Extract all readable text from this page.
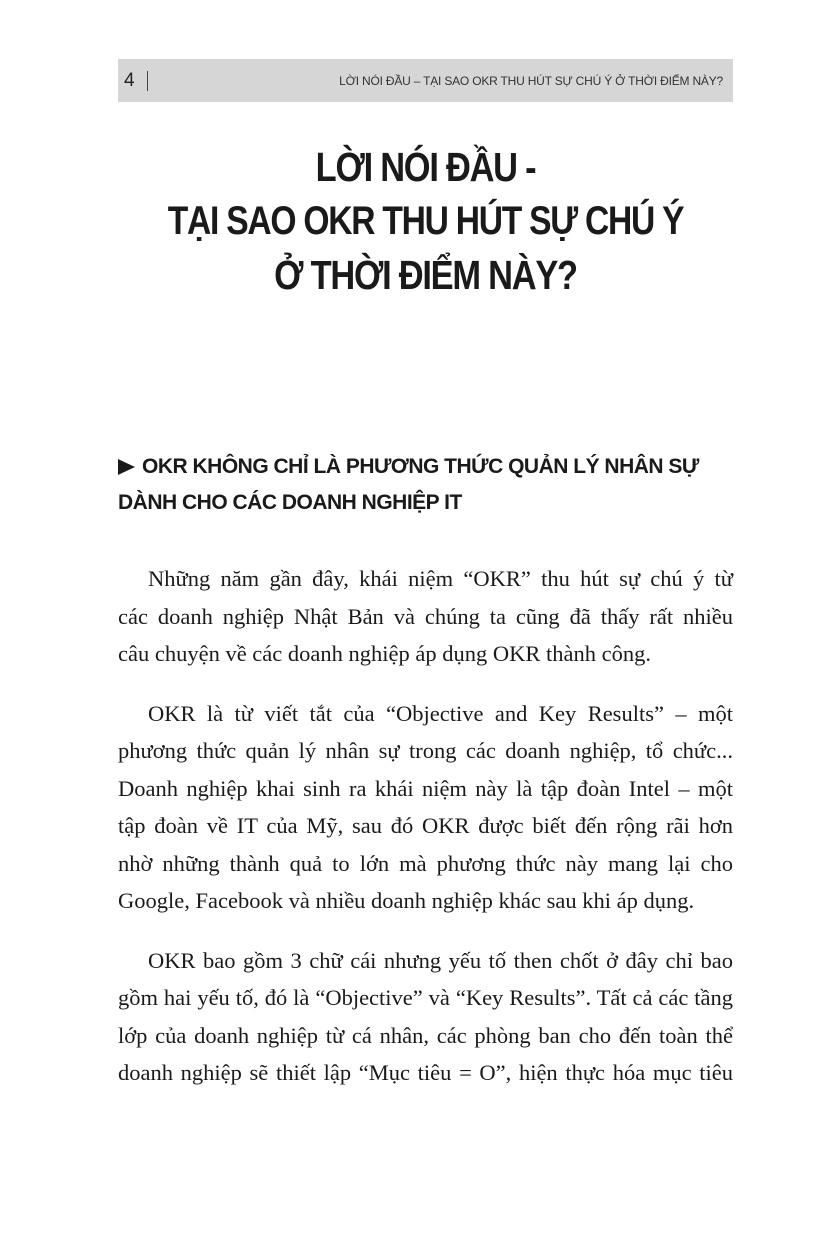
4	LỜI NÓI ĐẦU – TẠI SAO OKR THU HÚT SỰ CHÚ Ý Ở THỜI ĐIỂM NÀY?
LỜI NÓI ĐẦU -
TẠI SAO OKR THU HÚT SỰ CHÚ Ý
Ở THỜI ĐIỂM NÀY?
OKR KHÔNG CHỈ LÀ PHƯƠNG THỨC QUẢN LÝ NHÂN SỰ
DÀNH CHO CÁC DOANH NGHIỆP IT

Những năm gần đây, khái niệm “OKR” thu hút sự chú ý từ
các doanh nghiệp Nhật Bản và chúng ta cũng đã thấy rất nhiều
câu chuyện về các doanh nghiệp áp dụng OKR thành công.

OKR là từ viết tắt của “Objective and Key Results” – một
phương thức quản lý nhân sự trong các doanh nghiệp, tổ chức...
Doanh nghiệp khai sinh ra khái niệm này là tập đoàn Intel – một
tập đoàn về IT của Mỹ, sau đó OKR được biết đến rộng rãi hơn
nhờ những thành quả to lớn mà phương thức này mang lại cho
Google, Facebook và nhiều doanh nghiệp khác sau khi áp dụng.

OKR bao gồm 3 chữ cái nhưng yếu tố then chốt ở đây chỉ bao
gồm hai yếu tố, đó là “Objective” và “Key Results”. Tất cả các tầng
lớp của doanh nghiệp từ cá nhân, các phòng ban cho đến toàn thể
doanh nghiệp sẽ thiết lập “Mục tiêu = O”, hiện thực hóa mục tiêu
